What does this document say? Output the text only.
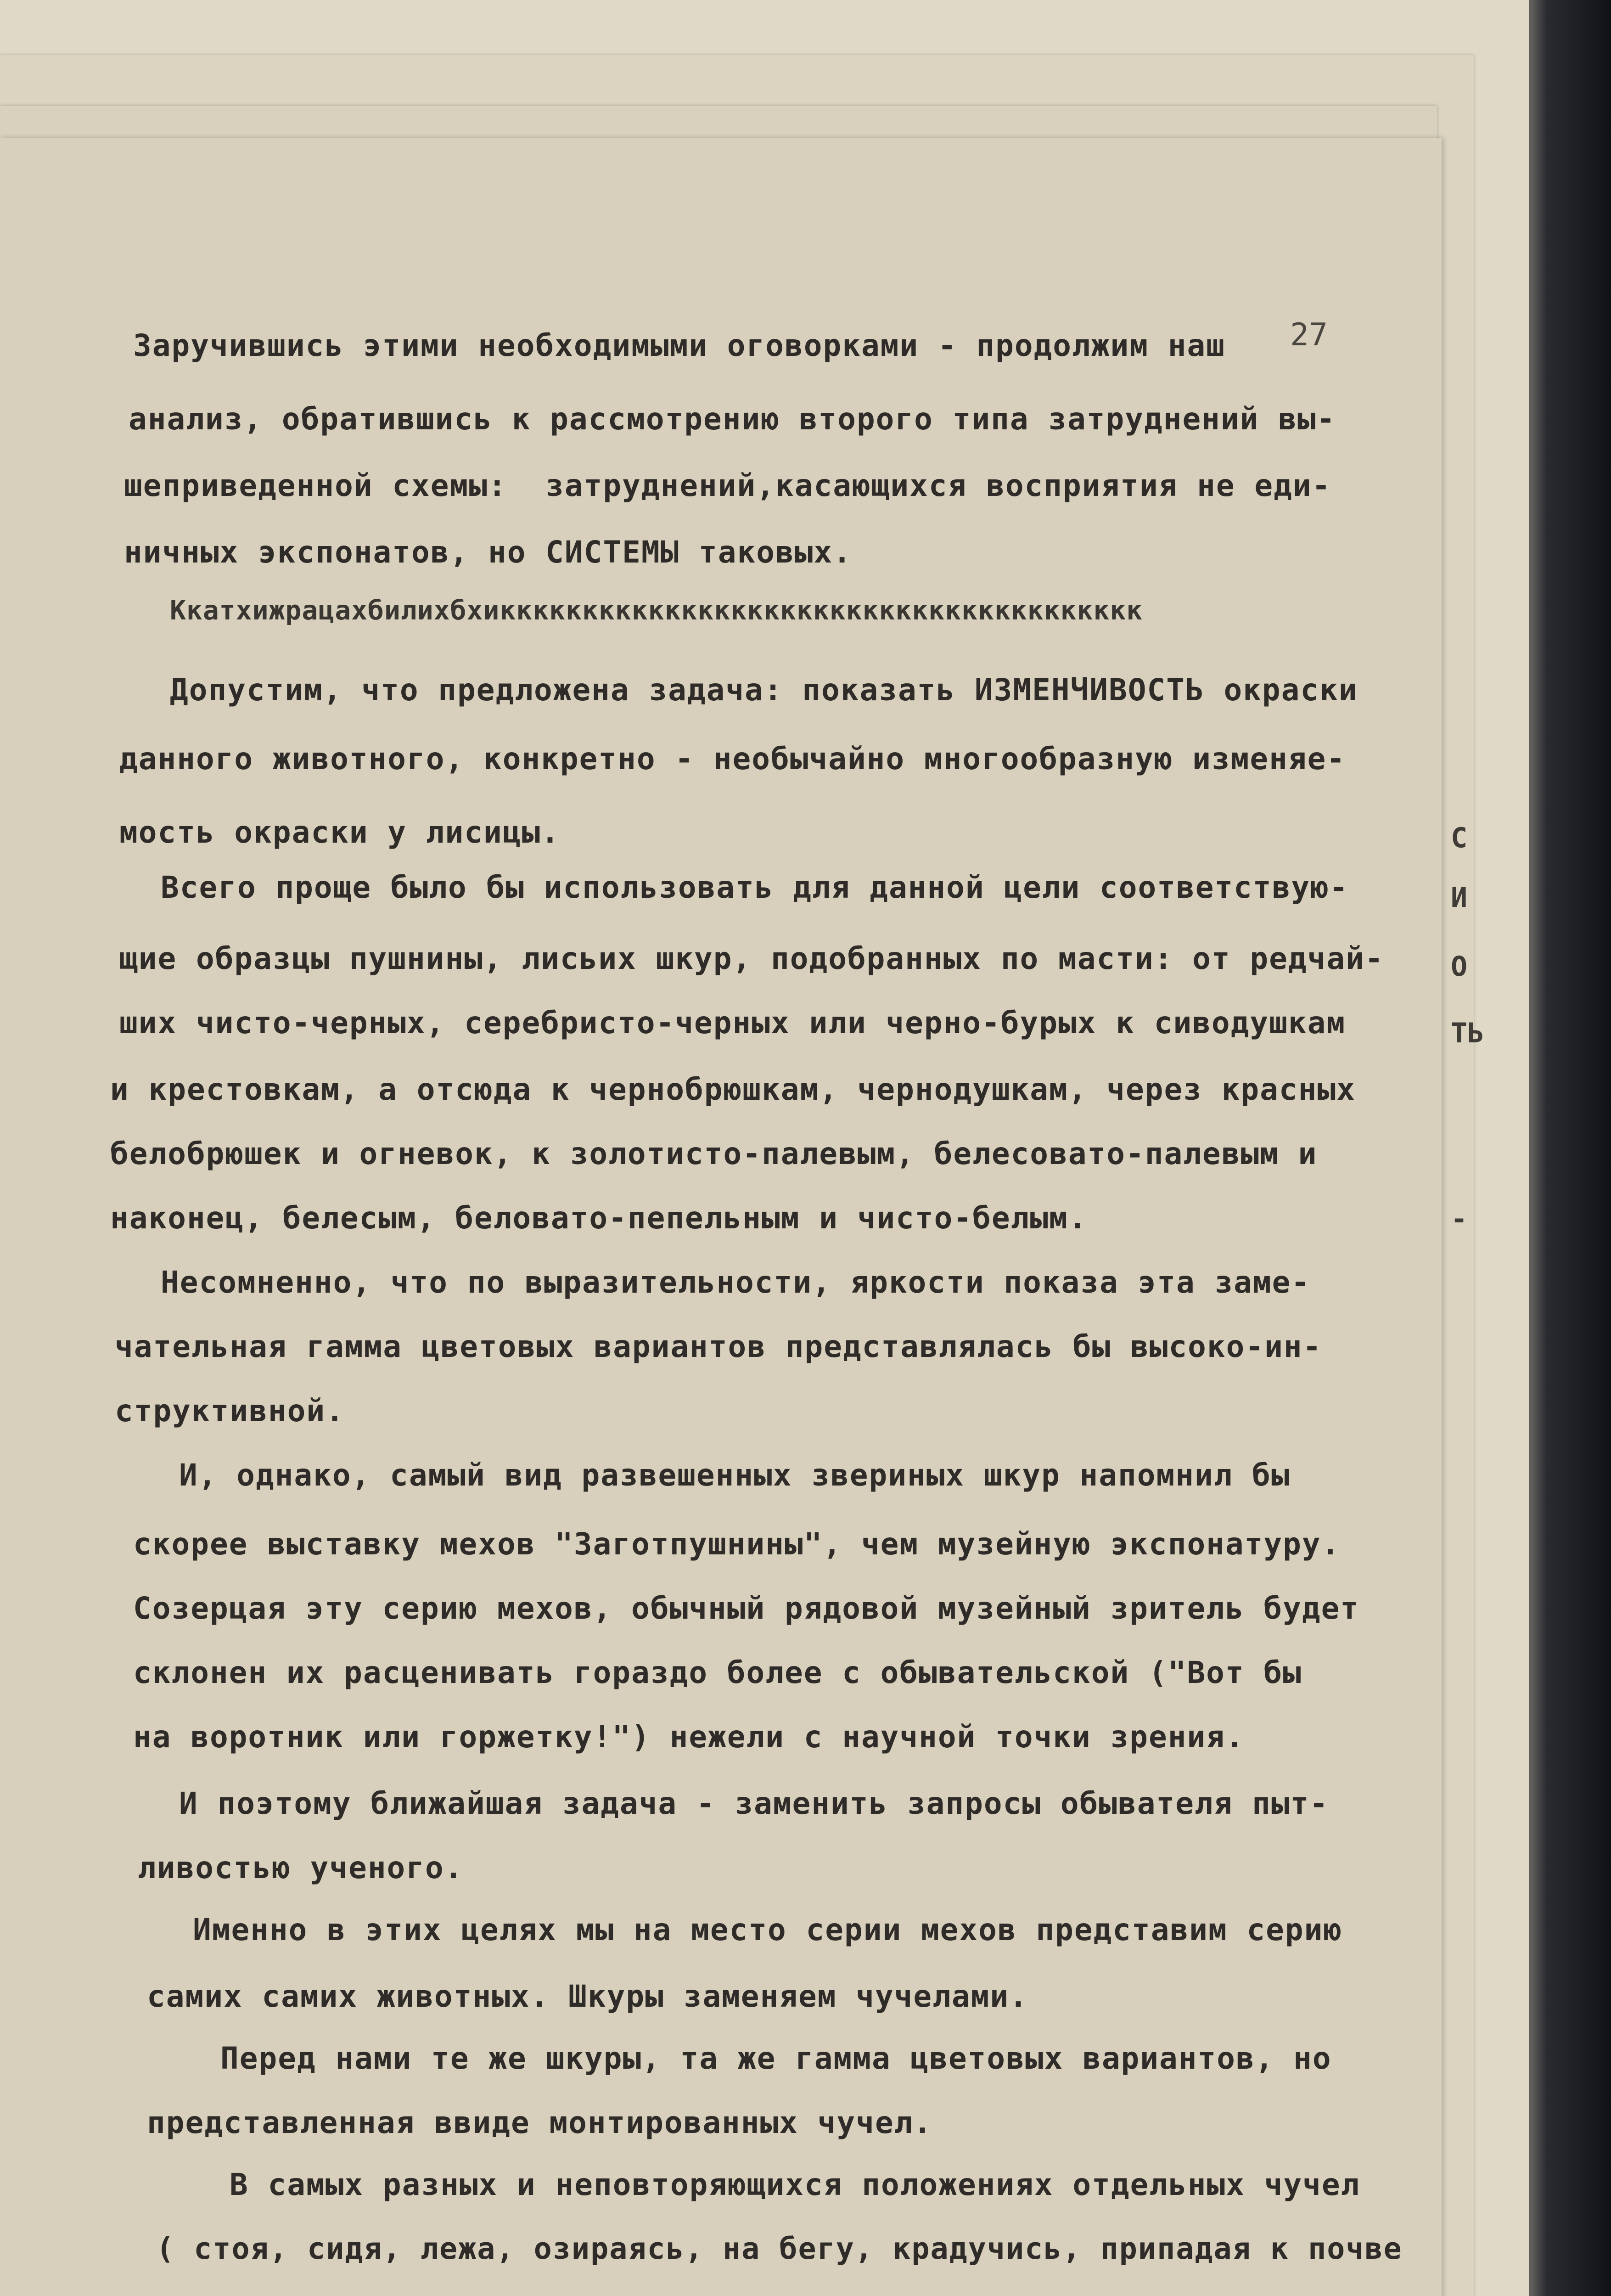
27
С
И
О
ТЬ
-
Заручившись этими необходимыми оговорками - продолжим наш
анализ, обратившись к рассмотрению второго типа затруднений вы-
шеприведенной схемы:  затруднений,касающихся восприятия не еди-
ничных экспонатов, но СИСТЕМЫ таковых.
Ккатхижрацахбилихбхиккккккккккккккккккккккккккккккккккккккк
Допустим, что предложена задача: показать ИЗМЕНЧИВОСТЬ окраски
данного животного, конкретно - необычайно многообразную изменяе-
мость окраски у лисицы.
Всего проще было бы использовать для данной цели соответствую-
щие образцы пушнины, лисьих шкур, подобранных по масти: от редчай-
ших чисто-черных, серебристо-черных или черно-бурых к сиводушкам
и крестовкам, а отсюда к чернобрюшкам, чернодушкам, через красных
белобрюшек и огневок, к золотисто-палевым, белесовато-палевым и
наконец, белесым, беловато-пепельным и чисто-белым.
Несомненно, что по выразительности, яркости показа эта заме-
чательная гамма цветовых вариантов представлялась бы высоко-ин-
структивной.
И, однако, самый вид развешенных звериных шкур напомнил бы
скорее выставку мехов "Заготпушнины", чем музейную экспонатуру.
Созерцая эту серию мехов, обычный рядовой музейный зритель будет
склонен их расценивать гораздо более с обывательской ("Вот бы
на воротник или горжетку!") нежели с научной точки зрения.
И поэтому ближайшая задача - заменить запросы обывателя пыт-
ливостью ученого.
Именно в этих целях мы на место серии мехов представим серию
самих самих животных. Шкуры заменяем чучелами.
Перед нами те же шкуры, та же гамма цветовых вариантов, но
представленная ввиде монтированных чучел.
В самых разных и неповторяющихся положениях отдельных чучел
( стоя, сидя, лежа, озираясь, на бегу, крадучись, припадая к почве
